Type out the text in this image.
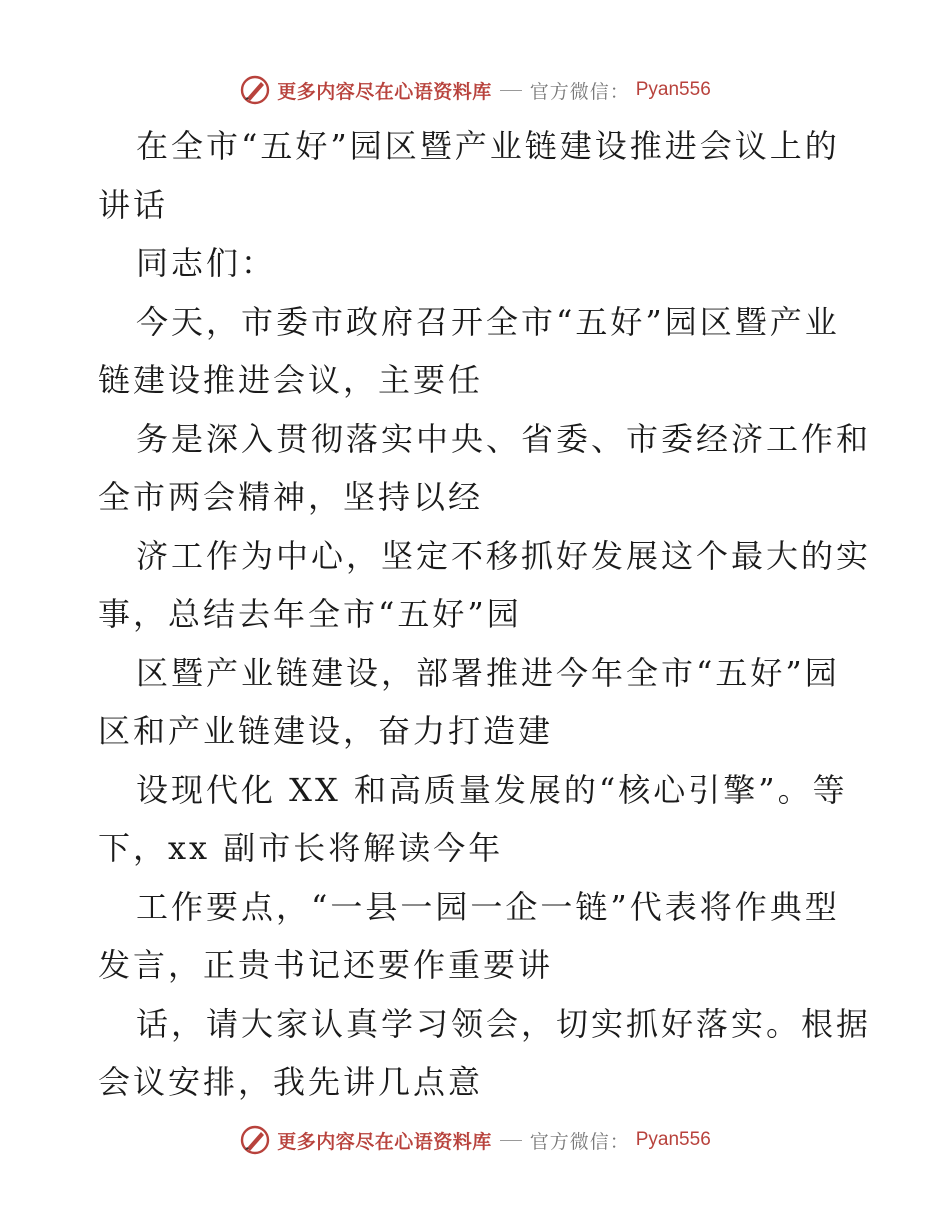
更多内容尽在心语资料库 官方微信： Pyan556
在全市“五好”园区暨产业链建设推进会议上的
讲话
同志们：
今天，市委市政府召开全市“五好”园区暨产业
链建设推进会议，主要任
务是深入贯彻落实中央、省委、市委经济工作和
全市两会精神，坚持以经
济工作为中心，坚定不移抓好发展这个最大的实
事，总结去年全市“五好”园
区暨产业链建设，部署推进今年全市“五好”园
区和产业链建设，奋力打造建
设现代化 XX 和高质量发展的“核心引擎”。等
下，xx 副市长将解读今年
工作要点，“一县一园一企一链”代表将作典型
发言，正贵书记还要作重要讲
话，请大家认真学习领会，切实抓好落实。根据
会议安排，我先讲几点意
更多内容尽在心语资料库 官方微信： Pyan556
